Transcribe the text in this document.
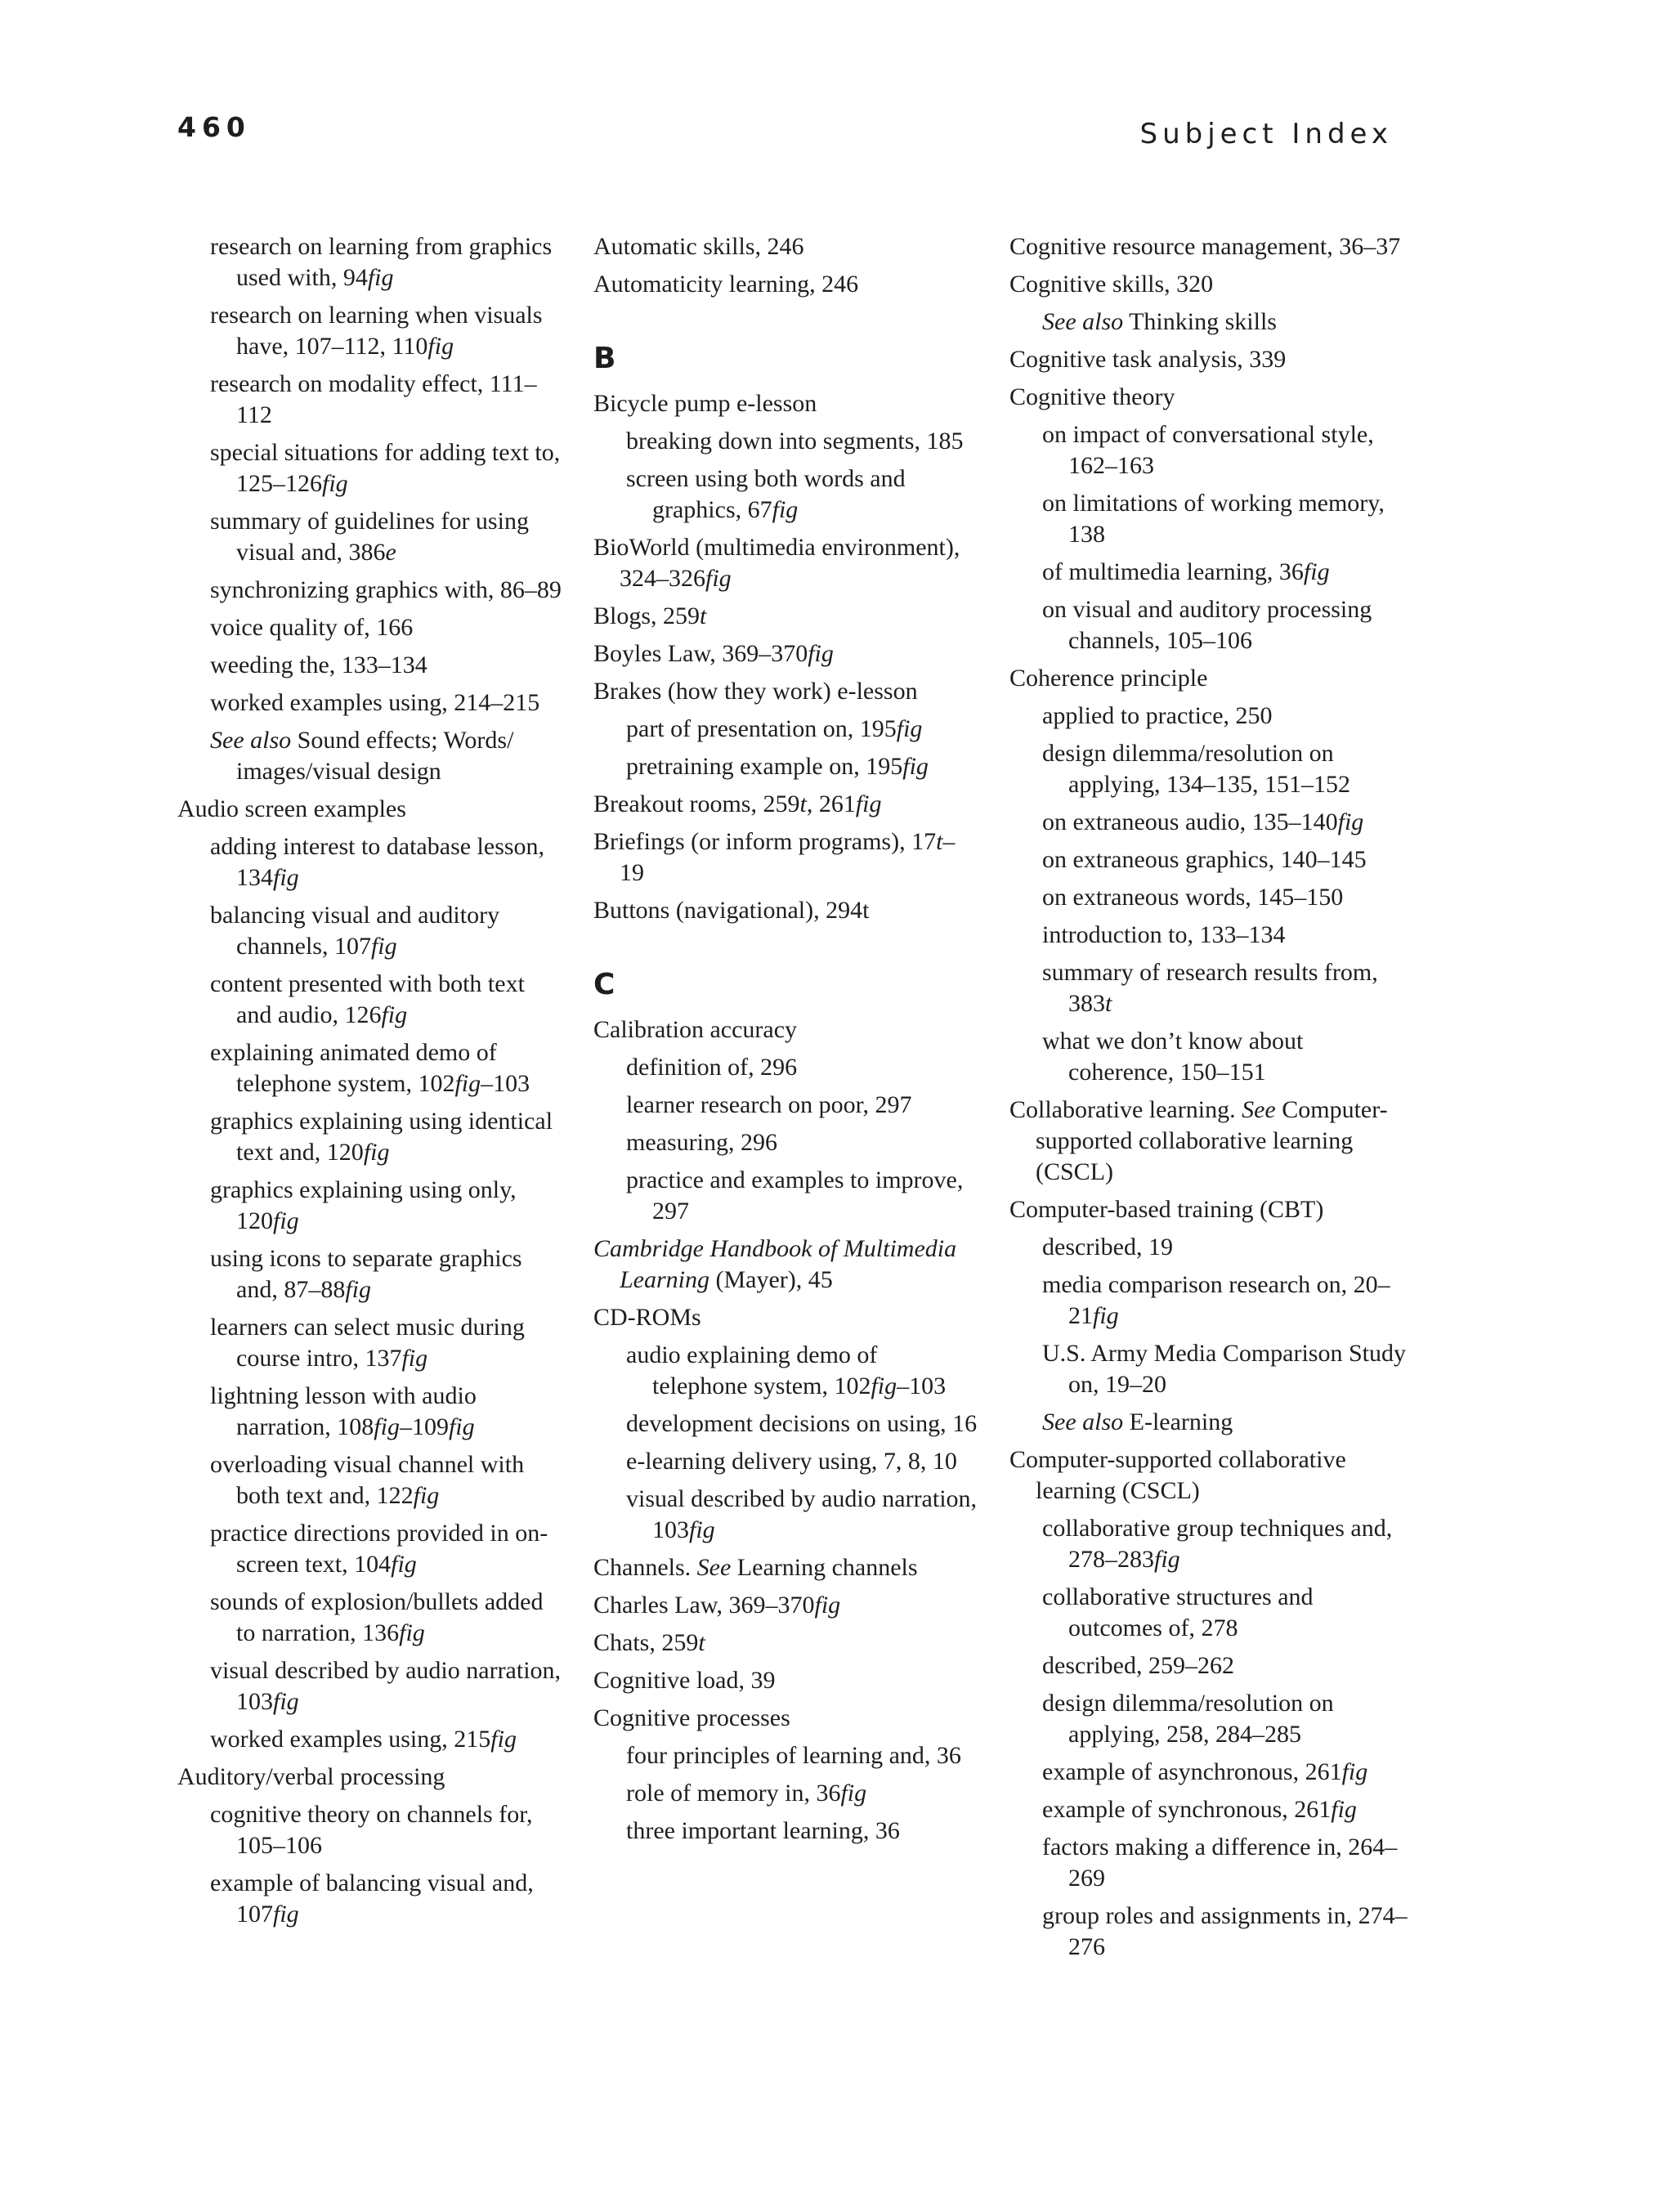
460	Subject Index
research on learning from graphics used with, 94fig
research on learning when visuals have, 107–112, 110fig
research on modality effect, 111–112
special situations for adding text to, 125–126fig
summary of guidelines for using visual and, 386e
synchronizing graphics with, 86–89
voice quality of, 166
weeding the, 133–134
worked examples using, 214–215
See also Sound effects; Words/ images/visual design
Audio screen examples
adding interest to database lesson, 134fig
balancing visual and auditory channels, 107fig
content presented with both text and audio, 126fig
explaining animated demo of telephone system, 102fig–103
graphics explaining using identical text and, 120fig
graphics explaining using only, 120fig
using icons to separate graphics and, 87–88fig
learners can select music during course intro, 137fig
lightning lesson with audio narration, 108fig–109fig
overloading visual channel with both text and, 122fig
practice directions provided in on-screen text, 104fig
sounds of explosion/bullets added to narration, 136fig
visual described by audio narration, 103fig
worked examples using, 215fig
Auditory/verbal processing
cognitive theory on channels for, 105–106
example of balancing visual and, 107fig
Automatic skills, 246
Automaticity learning, 246
B
Bicycle pump e-lesson
breaking down into segments, 185
screen using both words and graphics, 67fig
BioWorld (multimedia environment), 324–326fig
Blogs, 259t
Boyles Law, 369–370fig
Brakes (how they work) e-lesson
part of presentation on, 195fig
pretraining example on, 195fig
Breakout rooms, 259t, 261fig
Briefings (or inform programs), 17t–19
Buttons (navigational), 294t
C
Calibration accuracy
definition of, 296
learner research on poor, 297
measuring, 296
practice and examples to improve, 297
Cambridge Handbook of Multimedia Learning (Mayer), 45
CD-ROMs
audio explaining demo of telephone system, 102fig–103
development decisions on using, 16
e-learning delivery using, 7, 8, 10
visual described by audio narration, 103fig
Channels. See Learning channels
Charles Law, 369–370fig
Chats, 259t
Cognitive load, 39
Cognitive processes
four principles of learning and, 36
role of memory in, 36fig
three important learning, 36
Cognitive resource management, 36–37
Cognitive skills, 320
See also Thinking skills
Cognitive task analysis, 339
Cognitive theory
on impact of conversational style, 162–163
on limitations of working memory, 138
of multimedia learning, 36fig
on visual and auditory processing channels, 105–106
Coherence principle
applied to practice, 250
design dilemma/resolution on applying, 134–135, 151–152
on extraneous audio, 135–140fig
on extraneous graphics, 140–145
on extraneous words, 145–150
introduction to, 133–134
summary of research results from, 383t
what we don’t know about coherence, 150–151
Collaborative learning. See Computer-supported collaborative learning (CSCL)
Computer-based training (CBT)
described, 19
media comparison research on, 20–21fig
U.S. Army Media Comparison Study on, 19–20
See also E-learning
Computer-supported collaborative learning (CSCL)
collaborative group techniques and, 278–283fig
collaborative structures and outcomes of, 278
described, 259–262
design dilemma/resolution on applying, 258, 284–285
example of asynchronous, 261fig
example of synchronous, 261fig
factors making a difference in, 264–269
group roles and assignments in, 274–276
